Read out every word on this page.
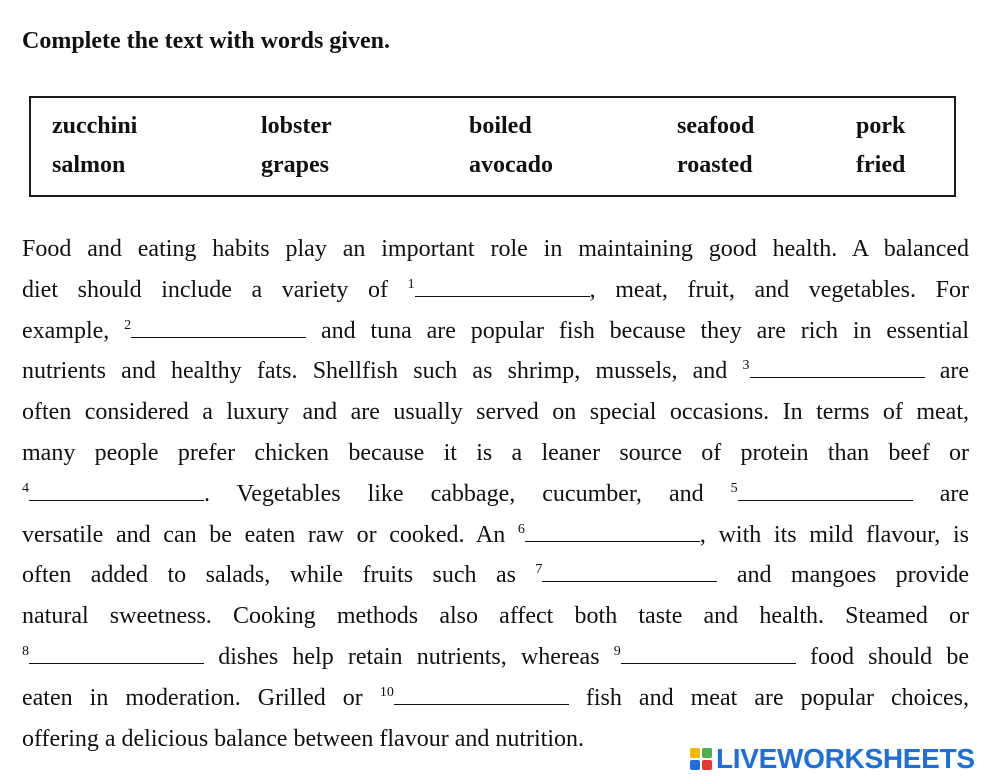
Complete the text with words given.
zucchini	lobster	boiled	seafood	pork
salmon	grapes	avocado	roasted	fried
Food and eating habits play an important role in maintaining good health. A balanced
diet should include a variety of $^1$	, meat, fruit, and vegetables. For
example, $^2$	and tuna are popular fish because they are rich in essential
nutrients and healthy fats. Shellfish such as shrimp, mussels, and $^3$	are
often considered a luxury and are usually served on special occasions. In terms of meat,
many people prefer chicken because it is a leaner source of protein than beef or
$^4$	. Vegetables like cabbage, cucumber, and $^5$	are
versatile and can be eaten raw or cooked. An $^6$	, with its mild flavour, is
often added to salads, while fruits such as $^7$	and mangoes provide
natural sweetness. Cooking methods also affect both taste and health. Steamed or
$^8$	dishes help retain nutrients, whereas $^9$	food should be
eaten in moderation. Grilled or $^{10}$	fish and meat are popular choices,
offering a delicious balance between flavour and nutrition.
LIVEWORKSHEETS
